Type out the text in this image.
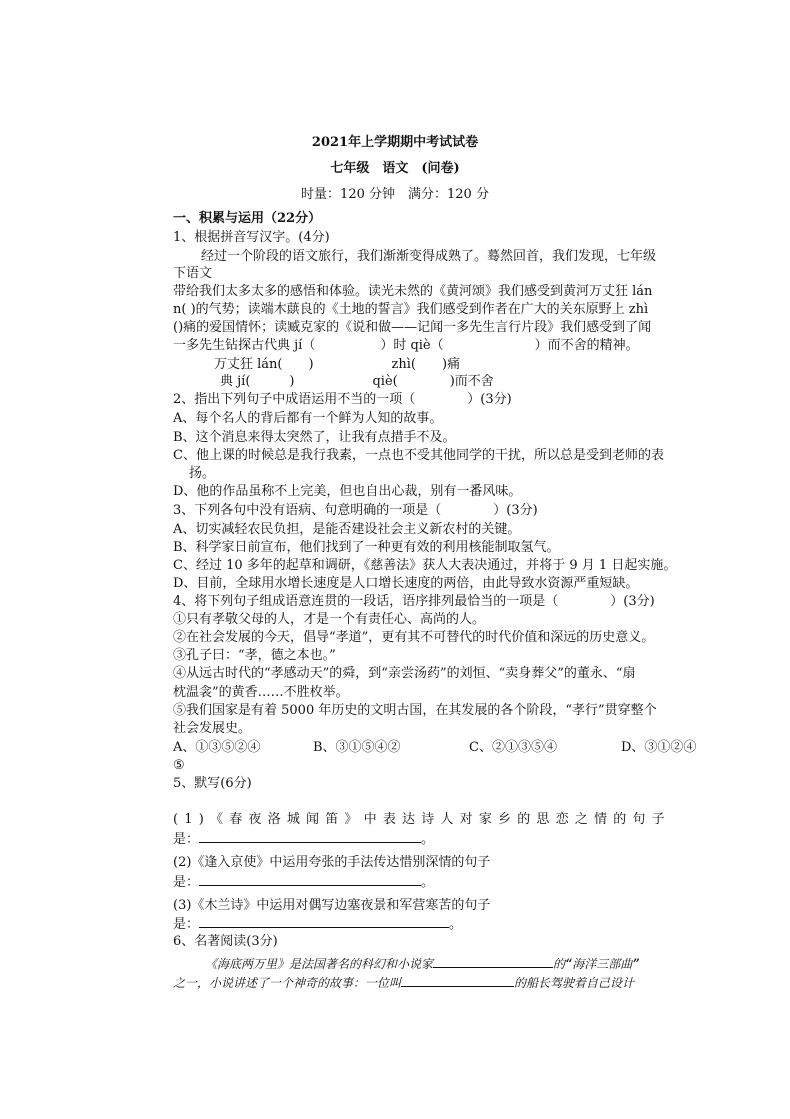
2021年上学期期中考试试卷
七年级　语文　(问卷)
时量：120 分钟　满分：120 分
一、积累与运用（22分）
1、根据拼音写汉字。(4分)
经过一个阶段的语文旅行，我们渐渐变得成熟了。蓦然回首，我们发现，七年级
下语文
带给我们太多太多的感悟和体验。读光未然的《黄河颂》我们感受到黄河万丈狂 lán
n( )的气势；读端木蕻良的《土地的誓言》我们感受到作者在广大的关东原野上 zhì
()痛的爱国情怀；读臧克家的《说和做——记闻一多先生言行片段》我们感受到了闻
一多先生钻探古代典 jí（　　　　　）时 qiè（　　　　　　　）而不舍的精神。
万丈狂 lán(　　)　　　　　　zhì(　　)痛
典 jí(　　　)　　　　　　qiè(　　　　)而不舍
2、指出下列句子中成语运用不当的一项（　　　　）(3分)
A、每个名人的背后都有一个鲜为人知的故事。
B、这个消息来得太突然了，让我有点措手不及。
C、他上课的时候总是我行我素，一点也不受其他同学的干扰，所以总是受到老师的表
扬。
D、他的作品虽称不上完美，但也自出心裁，别有一番风味。
3、下列各句中没有语病、句意明确的一项是（　　　　）(3分)
A、切实减轻农民负担，是能否建设社会主义新农村的关键。
B、科学家日前宣布，他们找到了一种更有效的利用核能制取氢气。
C、经过 10 多年的起草和调研，《慈善法》获人大表决通过，并将于 9 月 1 日起实施。
D、目前，全球用水增长速度是人口增长速度的两倍，由此导致水资源严重短缺。
4、将下列句子组成语意连贯的一段话，语序排列最恰当的一项是（　　　　）(3分)
①只有孝敬父母的人，才是一个有责任心、高尚的人。
②在社会发展的今天，倡导“孝道”，更有其不可替代的时代价值和深远的历史意义。
③孔子曰：“孝，德之本也。”
④从远古时代的“孝感动天”的舜，到“亲尝汤药”的刘恒、“卖身葬父”的董永、“扇
枕温衾”的黄香……不胜枚举。
⑤我们国家是有着 5000 年历史的文明古国，在其发展的各个阶段，“孝行”贯穿整个
社会发展史。
A、①③⑤②④	B、③①⑤④②	C、②①③⑤④	D、③①②④
⑤
5、默写(6分)
(1)《春夜洛城闻笛》中表达诗人对家乡的思恋之情的句子
是：	。
(2)《逢入京使》中运用夸张的手法传达惜别深情的句子
是：	。
(3)《木兰诗》中运用对偶写边塞夜景和军营寒苦的句子
是：	。
6、名著阅读(3分)
《海底两万里》是法国著名的科幻和小说家	的“海洋三部曲”
之一，小说讲述了一个神奇的故事：一位叫	的船长驾驶着自己设计
